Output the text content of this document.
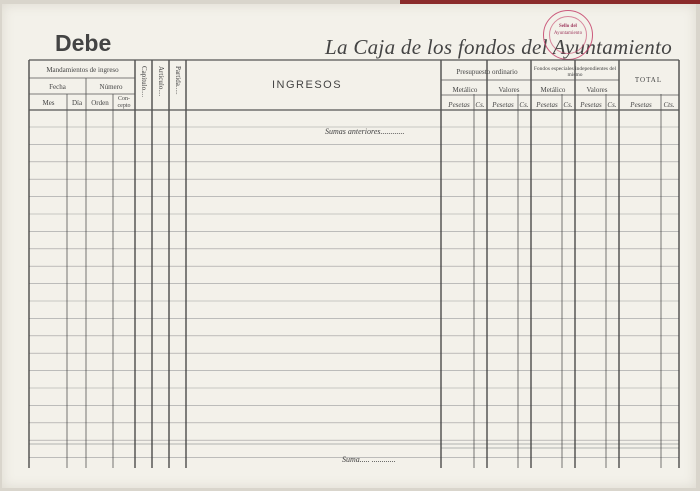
Debe	La Caja de los fondos del Ayuntamiento
Sello del
Ayuntamiento
Mandamientos de ingreso
Fecha	Número
Mes	Día	Orden	Con-cepto
Capítulo.... Artículo.... Partida.....	INGRESOS
Presupuesto ordinario
Metálico	Valores
Fondos especiales independientes del mismo
Metálico	Valores
TOTAL
Pesetas Cs.	Pesetas Cs.	Pesetas Cs.	Pesetas Cs.	Pesetas	Cts.
Sumas anteriores............
Suma..... ............
